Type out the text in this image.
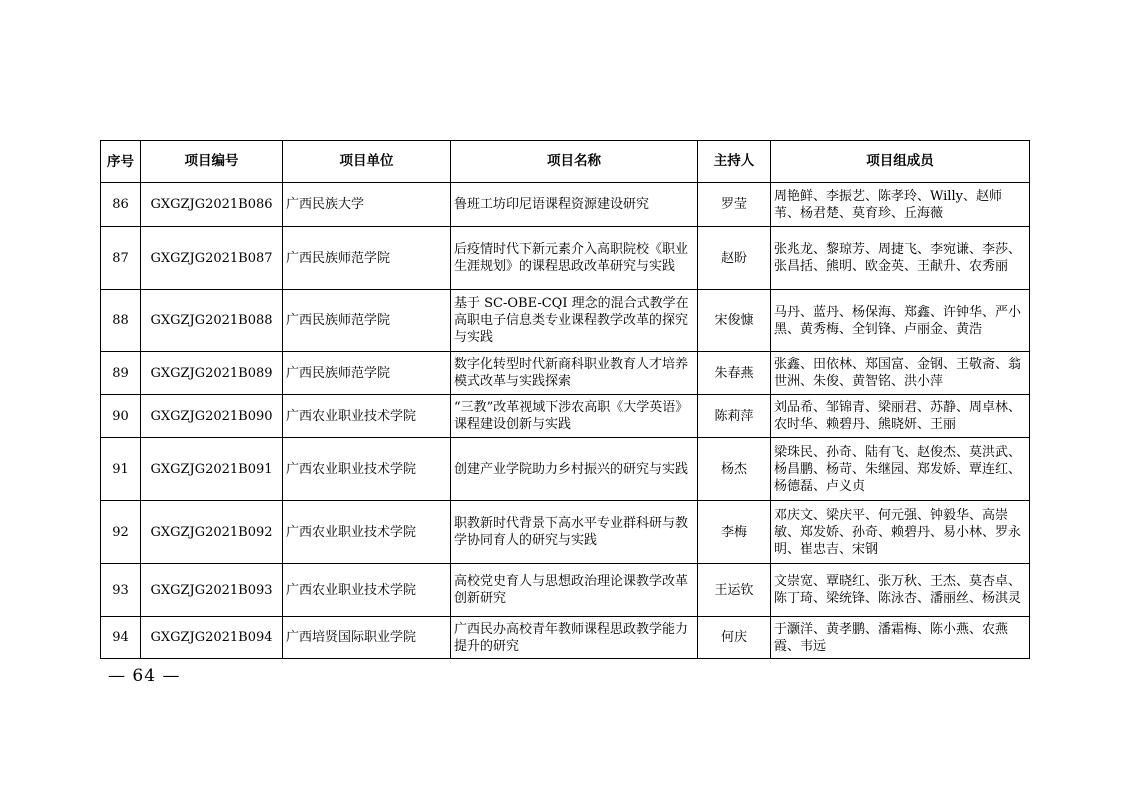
序号	项目编号	项目单位	项目名称	主持人	项目组成员
86	GXGZJG2021B086	广西民族大学	鲁班工坊印尼语课程资源建设研究	罗莹	周艳鲜、李振艺、陈孝玲、Willy、赵师苇、杨君楚、莫育珍、丘海薇
87	GXGZJG2021B087	广西民族师范学院	后疫情时代下新元素介入高职院校《职业生涯规划》的课程思政改革研究与实践	赵盼	张兆龙、黎琼芳、周捷飞、李宛谦、李莎、张昌括、熊明、欧金英、王献升、农秀丽
88	GXGZJG2021B088	广西民族师范学院	基于 SC-OBE-CQI 理念的混合式教学在高职电子信息类专业课程教学改革的探究与实践	宋俊慷	马丹、蓝丹、杨保海、郑鑫、许钟华、严小黑、黄秀梅、全钊锋、卢丽金、黄浩
89	GXGZJG2021B089	广西民族师范学院	数字化转型时代新商科职业教育人才培养模式改革与实践探索	朱春燕	张鑫、田依林、郑国富、金钢、王敬斋、翁世洲、朱俊、黄智铭、洪小萍
90	GXGZJG2021B090	广西农业职业技术学院	“三教”改革视域下涉农高职《大学英语》课程建设创新与实践	陈莉萍	刘品希、邹锦青、梁丽君、苏静、周卓林、农时华、赖碧丹、熊晓妍、王丽
91	GXGZJG2021B091	广西农业职业技术学院	创建产业学院助力乡村振兴的研究与实践	杨杰	梁珠民、孙奇、陆有飞、赵俊杰、莫洪武、杨昌鹏、杨苛、朱继园、郑发娇、覃连红、杨德磊、卢义贞
92	GXGZJG2021B092	广西农业职业技术学院	职教新时代背景下高水平专业群科研与教学协同育人的研究与实践	李梅	邓庆文、梁庆平、何元强、钟毅华、高崇敏、郑发娇、孙奇、赖碧丹、易小林、罗永明、崔忠吉、宋钢
93	GXGZJG2021B093	广西农业职业技术学院	高校党史育人与思想政治理论课教学改革创新研究	王运钦	文崇宽、覃晓红、张万秋、王杰、莫杏卓、陈丁琦、梁统锋、陈泳杏、潘丽丝、杨淇灵
94	GXGZJG2021B094	广西培贤国际职业学院	广西民办高校青年教师课程思政教学能力提升的研究	何庆	于灏洋、黄孝鹏、潘霜梅、陈小燕、农燕霞、韦远
— 64 —
